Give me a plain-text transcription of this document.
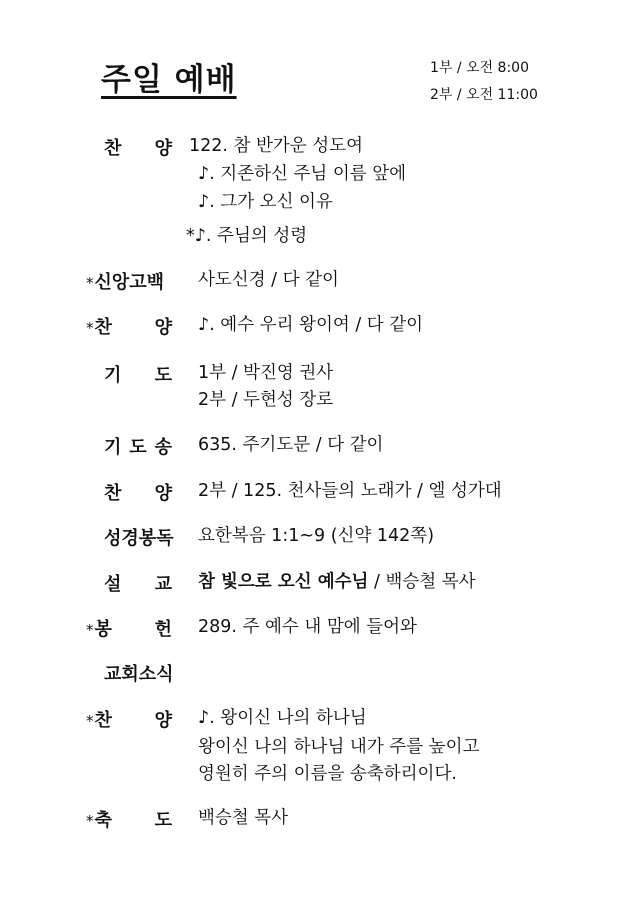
주일 예배	1부 / 오전 8:00
2부 / 오전 11:00
찬 양 122. 참 반가운 성도여
♪. 지존하신 주님 이름 앞에
♪. 그가 오신 이유
*♪. 주님의 성령
*신앙고백 사도신경 / 다 같이
*찬 양 ♪. 예수 우리 왕이여 / 다 같이
기 도 1부 / 박진영 권사
2부 / 두현성 장로
기 도 송 635. 주기도문 / 다 같이
찬 양 2부 / 125. 천사들의 노래가 / 엘 성가대
성경봉독 요한복음 1:1~9 (신약 142쪽)
설 교 참 빛으로 오신 예수님 / 백승철 목사
*봉 헌 289. 주 예수 내 맘에 들어와
교회소식
*찬 양 ♪. 왕이신 나의 하나님
왕이신 나의 하나님 내가 주를 높이고
영원히 주의 이름을 송축하리이다.
*축 도 백승철 목사
